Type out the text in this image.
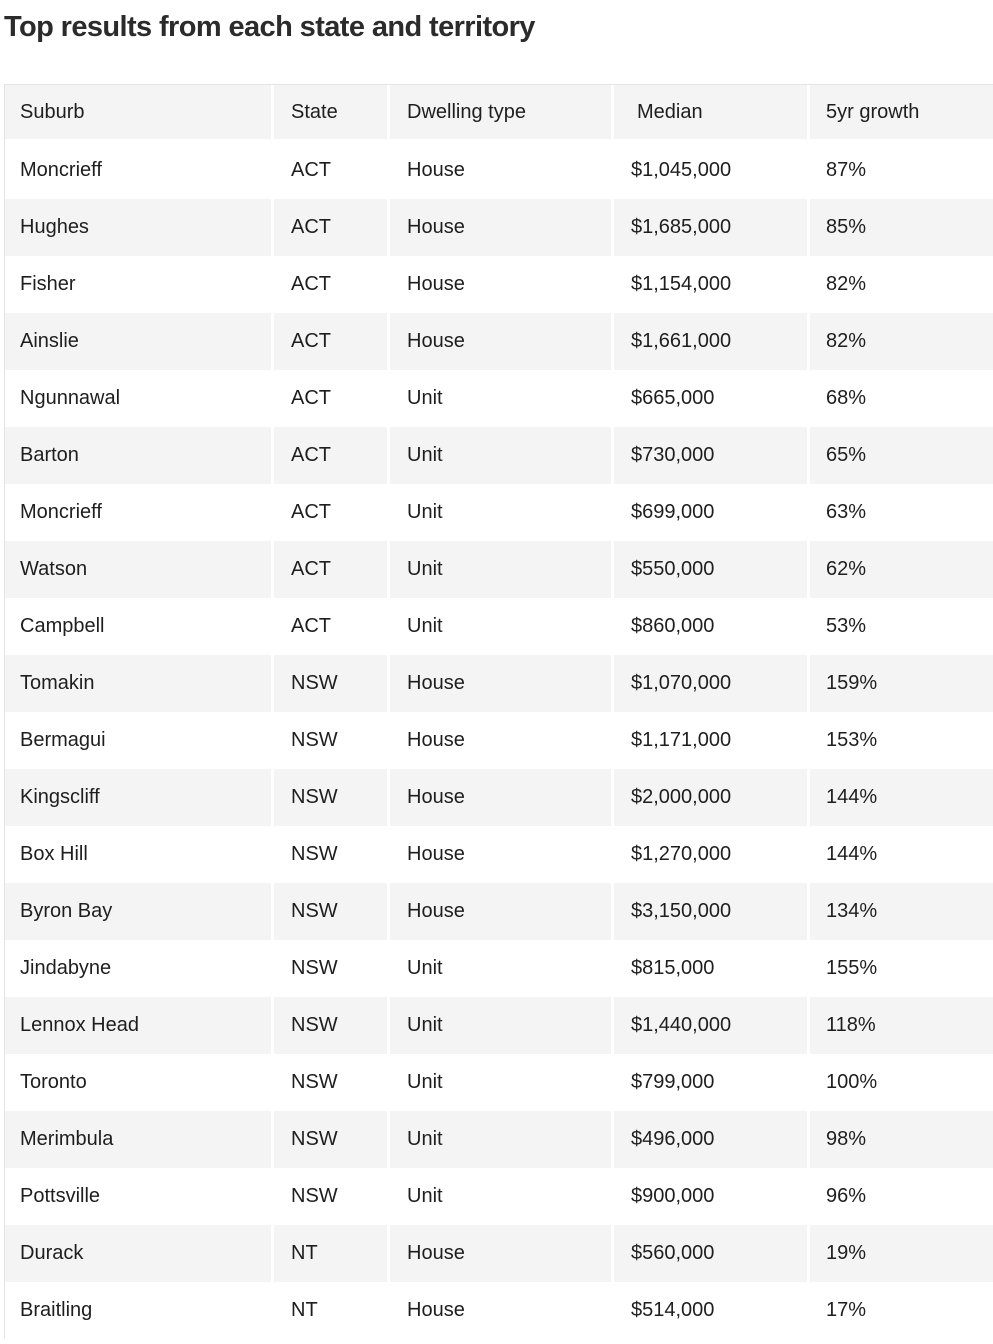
Top results from each state and territory
Suburb	State	Dwelling type	Median	5yr growth
Moncrieff	ACT	House	$1,045,000	87%
Hughes	ACT	House	$1,685,000	85%
Fisher	ACT	House	$1,154,000	82%
Ainslie	ACT	House	$1,661,000	82%
Ngunnawal	ACT	Unit	$665,000	68%
Barton	ACT	Unit	$730,000	65%
Moncrieff	ACT	Unit	$699,000	63%
Watson	ACT	Unit	$550,000	62%
Campbell	ACT	Unit	$860,000	53%
Tomakin	NSW	House	$1,070,000	159%
Bermagui	NSW	House	$1,171,000	153%
Kingscliff	NSW	House	$2,000,000	144%
Box Hill	NSW	House	$1,270,000	144%
Byron Bay	NSW	House	$3,150,000	134%
Jindabyne	NSW	Unit	$815,000	155%
Lennox Head	NSW	Unit	$1,440,000	118%
Toronto	NSW	Unit	$799,000	100%
Merimbula	NSW	Unit	$496,000	98%
Pottsville	NSW	Unit	$900,000	96%
Durack	NT	House	$560,000	19%
Braitling	NT	House	$514,000	17%
